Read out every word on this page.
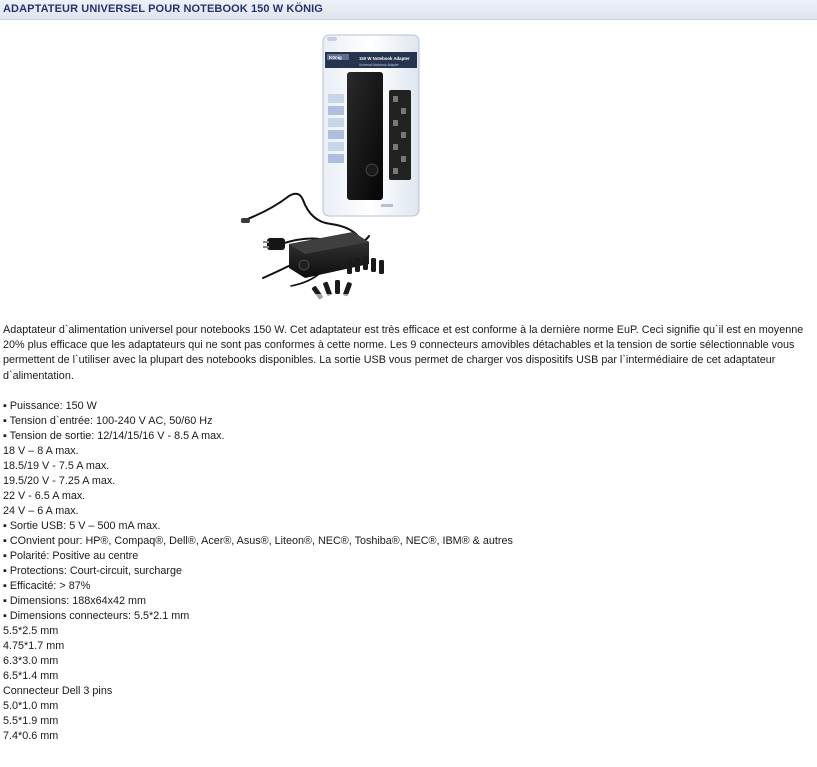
ADAPTATEUR UNIVERSEL POUR NOTEBOOK 150 W KÖNIG
König	150 W Notebook Adapter
Universal Notebook Adapter

Adaptateur d`alimentation universel pour notebooks 150 W. Cet adaptateur est très efficace et est conforme à la dernière norme EuP. Ceci signifie qu`il est en moyenne 20% plus efficace que les adaptateurs qui ne sont pas conformes à cette norme. Les 9 connecteurs amovibles détachables et la tension de sortie sélectionnable vous permettent de l`utiliser avec la plupart des notebooks disponibles. La sortie USB vous permet de charger vos dispositifs USB par l`intermédiaire de cet adaptateur d`alimentation.

▪ Puissance: 150 W
▪ Tension d`entrée: 100-240 V AC, 50/60 Hz
▪ Tension de sortie: 12/14/15/16 V - 8.5 A max.
18 V – 8 A max.
18.5/19 V - 7.5 A max.
19.5/20 V - 7.25 A max.
22 V - 6.5 A max.
24 V – 6 A max.
▪ Sortie USB: 5 V – 500 mA max.
▪ COnvient pour: HP®, Compaq®, Dell®, Acer®, Asus®, Liteon®, NEC®, Toshiba®, NEC®, IBM® & autres
▪ Polarité: Positive au centre
▪ Protections: Court-circuit, surcharge
▪ Efficacité: > 87%
▪ Dimensions: 188x64x42 mm
▪ Dimensions connecteurs: 5.5*2.1 mm
5.5*2.5 mm
4.75*1.7 mm
6.3*3.0 mm
6.5*1.4 mm
Connecteur Dell 3 pins
5.0*1.0 mm
5.5*1.9 mm
7.4*0.6 mm
